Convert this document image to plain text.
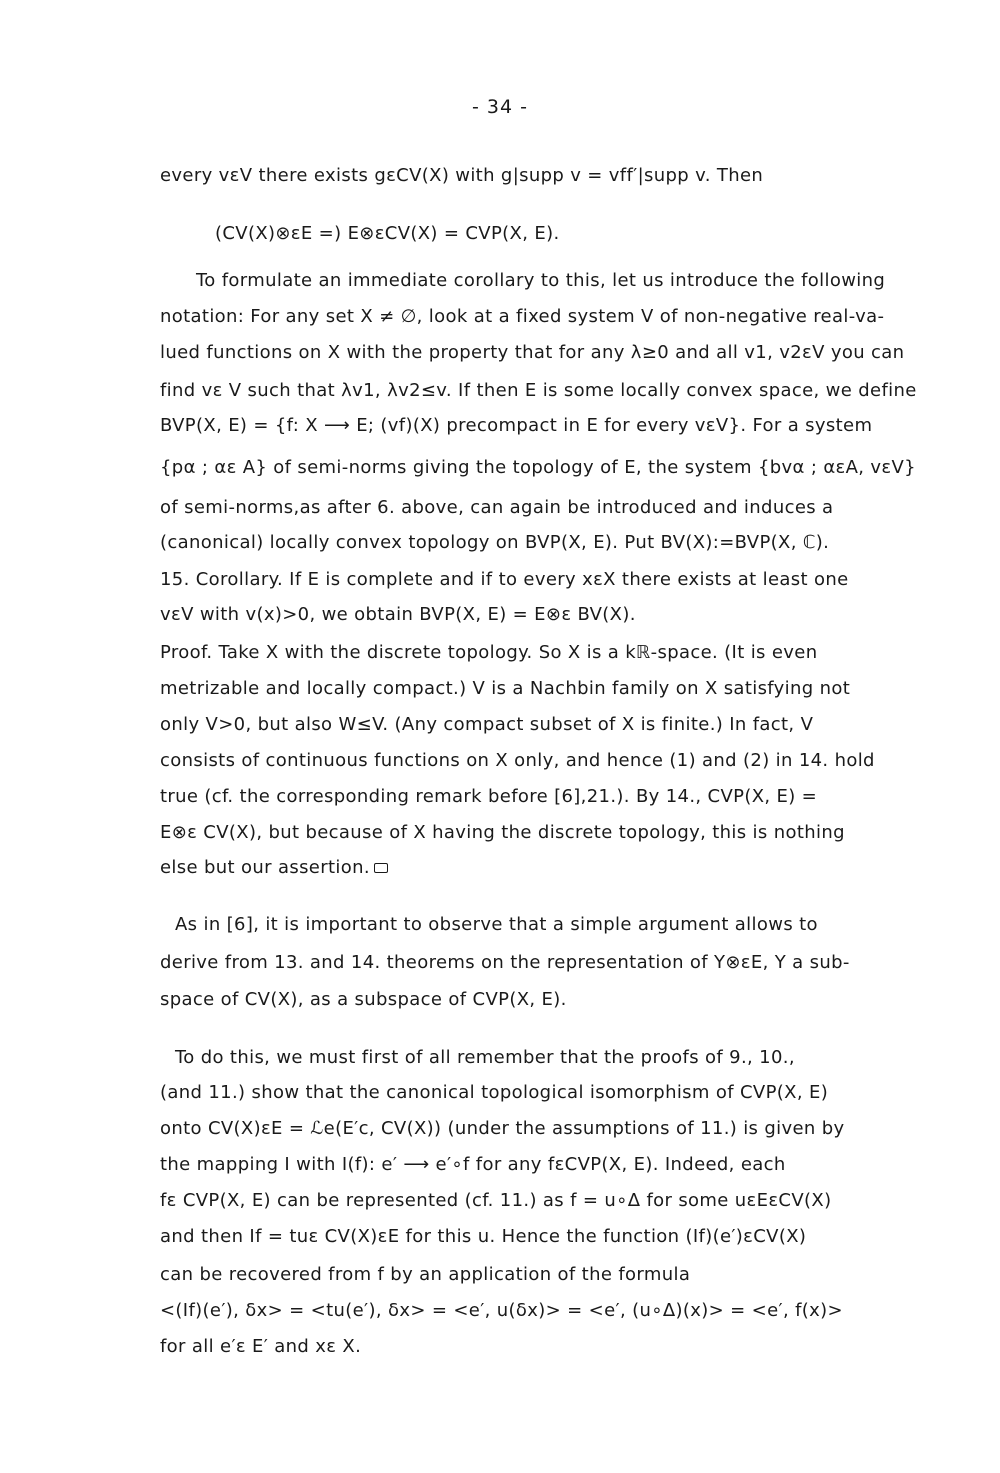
- 34 -
every vεV there exists gεCV(X) with g|supp v = vff′|supp v. Then
(CV(X)⊗εE =) E⊗εCV(X) = CVP(X, E).
To formulate an immediate corollary to this, let us introduce the following
notation: For any set X ≠ ∅, look at a fixed system V of non-negative real-va-
lued functions on X with the property that for any λ≥0 and all v1, v2εV you can
find vε V such that λv1, λv2≤v. If then E is some locally convex space, we define
BVP(X, E) = {f: X ⟶ E; (vf)(X) precompact in E for every vεV}. For a system
{pα ; αε A} of semi-norms giving the topology of E, the system {bvα ; αεA, vεV}
of semi-norms,as after 6. above, can again be introduced and induces a
(canonical) locally convex topology on BVP(X, E). Put BV(X):=BVP(X, ℂ).
15. Corollary. If E is complete and if to every xεX there exists at least one
vεV with v(x)>0, we obtain BVP(X, E) = E⊗ε BV(X).
Proof. Take X with the discrete topology. So X is a kℝ-space. (It is even
metrizable and locally compact.) V is a Nachbin family on X satisfying not
only V>0, but also W≤V. (Any compact subset of X is finite.) In fact, V
consists of continuous functions on X only, and hence (1) and (2) in 14. hold
true (cf. the corresponding remark before [6],21.). By 14., CVP(X, E) =
E⊗ε CV(X), but because of X having the discrete topology, this is nothing
else but our assertion.
As in [6], it is important to observe that a simple argument allows to
derive from 13. and 14. theorems on the representation of Y⊗εE, Y a sub-
space of CV(X), as a subspace of CVP(X, E).
To do this, we must first of all remember that the proofs of 9., 10.,
(and 11.) show that the canonical topological isomorphism of CVP(X, E)
onto CV(X)εE = ℒe(E′c, CV(X)) (under the assumptions of 11.) is given by
the mapping I with I(f): e′ ⟶ e′∘f for any fεCVP(X, E). Indeed, each
fε CVP(X, E) can be represented (cf. 11.) as f = u∘Δ for some uεEεCV(X)
and then If = tuε CV(X)εE for this u. Hence the function (If)(e′)εCV(X)
can be recovered from f by an application of the formula
<(If)(e′), δx> = <tu(e′), δx> = <e′, u(δx)> = <e′, (u∘Δ)(x)> = <e′, f(x)>
for all e′ε E′ and xε X.
